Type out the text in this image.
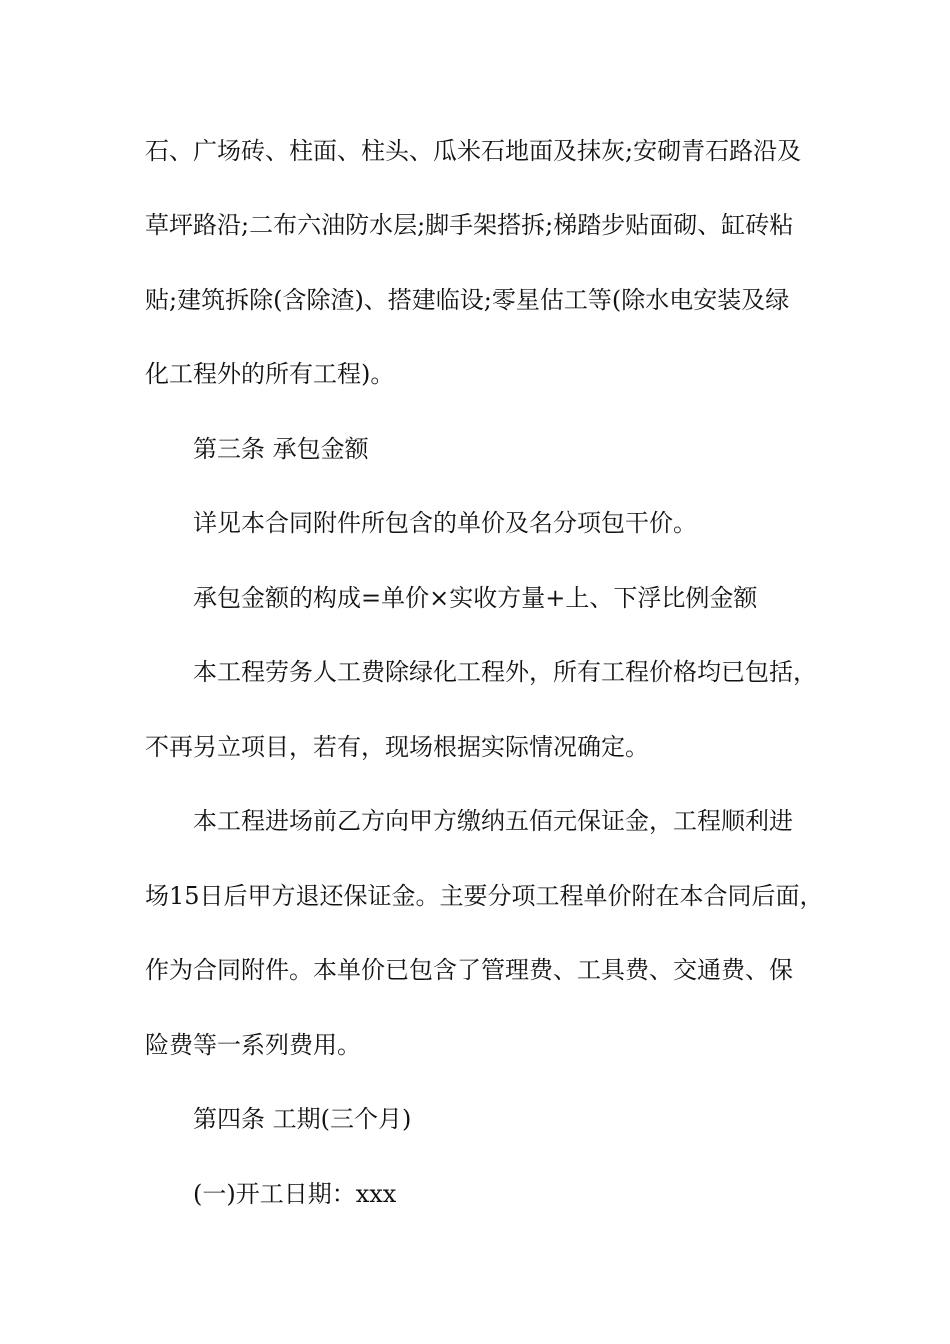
石、广场砖、柱面、柱头、瓜米石地面及抹灰;安砌青石路沿及
草坪路沿;二布六油防水层;脚手架搭拆;梯踏步贴面砌、缸砖粘
贴;建筑拆除(含除渣)、搭建临设;零星估工等(除水电安装及绿
化工程外的所有工程)。
第三条 承包金额
详见本合同附件所包含的单价及名分项包干价。
承包金额的构成=单价×实收方量+上、下浮比例金额
本工程劳务人工费除绿化工程外，所有工程价格均已包括，
不再另立项目，若有，现场根据实际情况确定。
本工程进场前乙方向甲方缴纳五佰元保证金，工程顺利进
场15日后甲方退还保证金。主要分项工程单价附在本合同后面，
作为合同附件。本单价已包含了管理费、工具费、交通费、保
险费等一系列费用。
第四条 工期(三个月)
(一)开工日期：xxx
